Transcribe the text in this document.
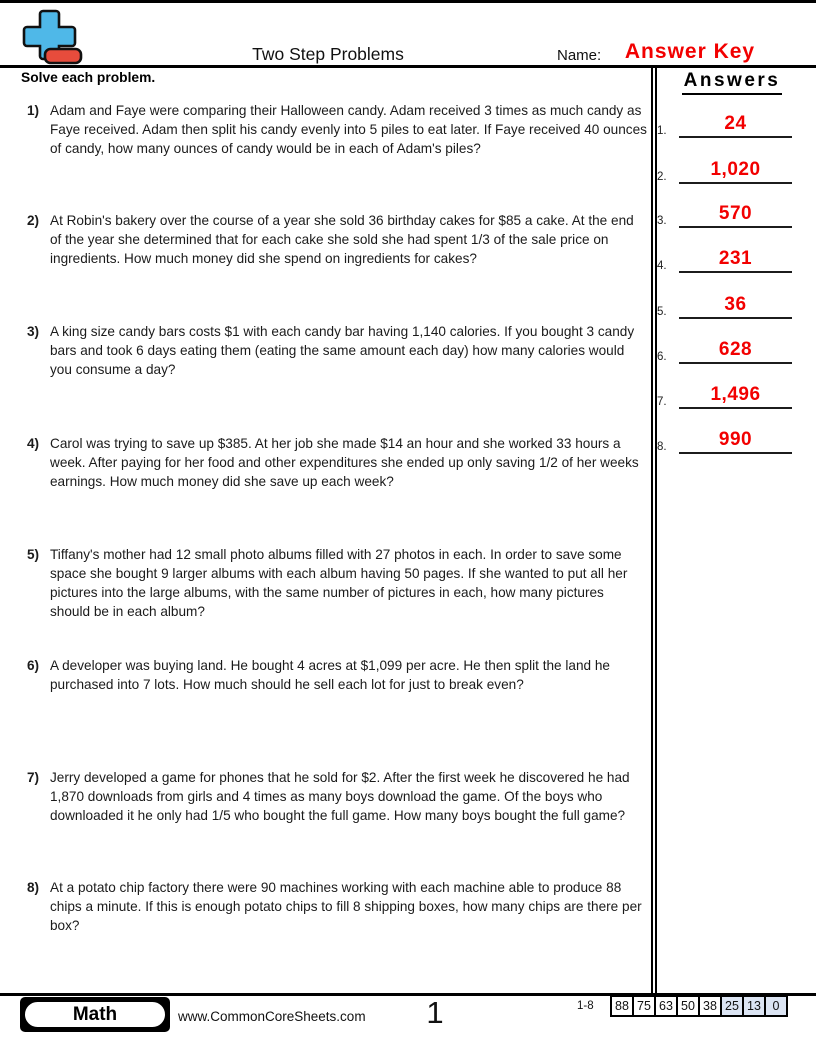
Two Step Problems	Name: Answer Key
Solve each problem.	Answers
1) Adam and Faye were comparing their Halloween candy. Adam received 3 times as much candy as Faye received. Adam then split his candy evenly into 5 piles to eat later. If Faye received 40 ounces of candy, how many ounces of candy would be in each of Adam's piles?
2) At Robin's bakery over the course of a year she sold 36 birthday cakes for $85 a cake. At the end of the year she determined that for each cake she sold she had spent 1/3 of the sale price on ingredients. How much money did she spend on ingredients for cakes?
3) A king size candy bars costs $1 with each candy bar having 1,140 calories. If you bought 3 candy bars and took 6 days eating them (eating the same amount each day) how many calories would you consume a day?
4) Carol was trying to save up $385. At her job she made $14 an hour and she worked 33 hours a week. After paying for her food and other expenditures she ended up only saving 1/2 of her weeks earnings. How much money did she save up each week?
5) Tiffany's mother had 12 small photo albums filled with 27 photos in each. In order to save some space she bought 9 larger albums with each album having 50 pages. If she wanted to put all her pictures into the large albums, with the same number of pictures in each, how many pictures should be in each album?
6) A developer was buying land. He bought 4 acres at $1,099 per acre. He then split the land he purchased into 7 lots. How much should he sell each lot for just to break even?
7) Jerry developed a game for phones that he sold for $2. After the first week he discovered he had 1,870 downloads from girls and 4 times as many boys download the game. Of the boys who downloaded it he only had 1/5 who bought the full game. How many boys bought the full game?
8) At a potato chip factory there were 90 machines working with each machine able to produce 88 chips a minute. If this is enough potato chips to fill 8 shipping boxes, how many chips are there per box?
1.	24
2.	1,020
3.	570
4.	231
5.	36
6.	628
7.	1,496
8.	990
Math	www.CommonCoreSheets.com	1	1-8 88 75 63 50 38 25 13 0
